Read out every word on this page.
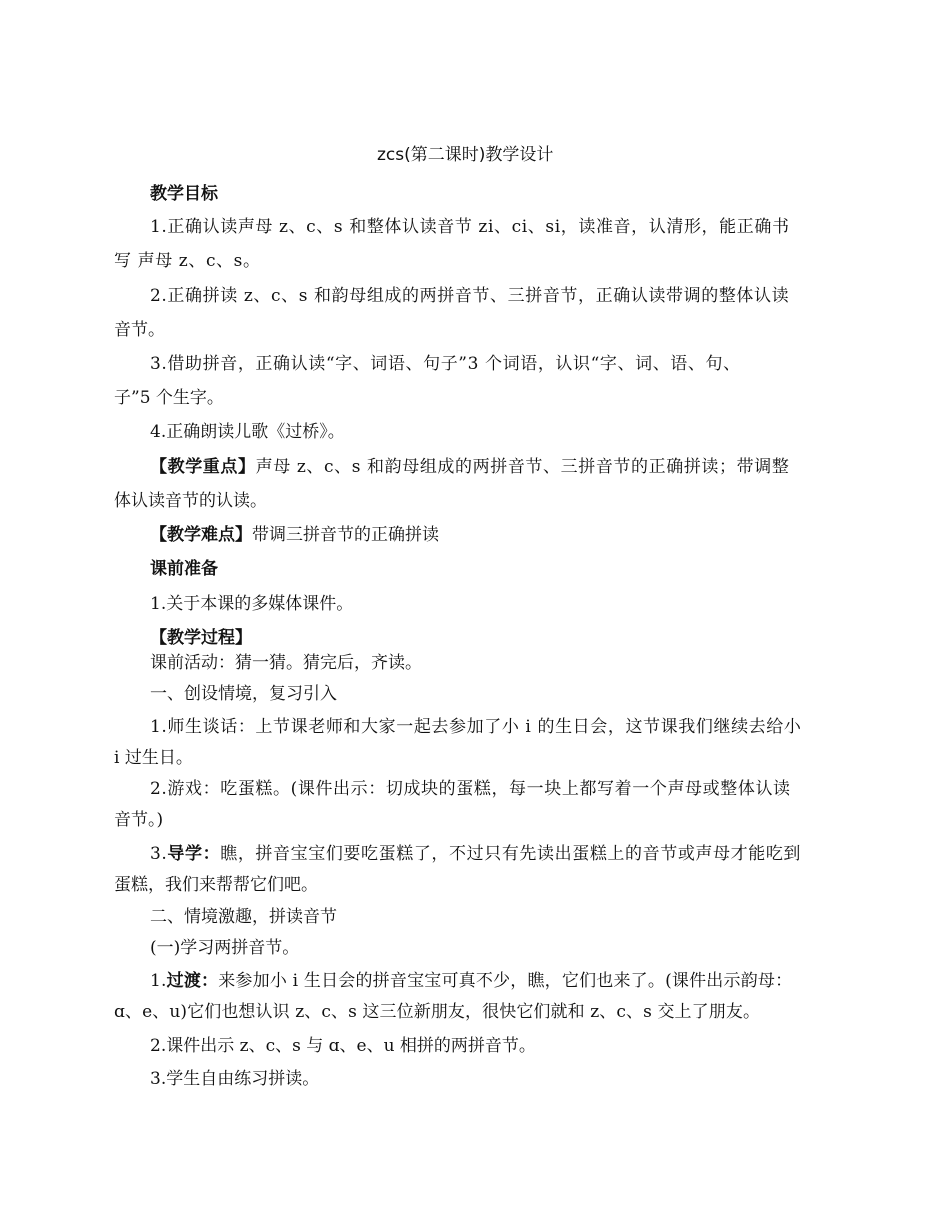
zcs(第二课时)教学设计
教学目标
1.正确认读声母 z、c、s 和整体认读音节 zi、ci、si，读准音，认清形，能正确书
写 声母 z、c、s。
2.正确拼读 z、c、s 和韵母组成的两拼音节、三拼音节，正确认读带调的整体认读
音节。
3.借助拼音，正确认读“字、词语、句子”3 个词语，认识“字、词、语、句、
子”5 个生字。
4.正确朗读儿歌《过桥》。
【教学重点】声母 z、c、s 和韵母组成的两拼音节、三拼音节的正确拼读；带调整
体认读音节的认读。
【教学难点】带调三拼音节的正确拼读
课前准备
1.关于本课的多媒体课件。
【教学过程】
课前活动：猜一猜。猜完后，齐读。
一、创设情境，复习引入
1.师生谈话：上节课老师和大家一起去参加了小 i 的生日会，这节课我们继续去给小
i 过生日。
2.游戏：吃蛋糕。(课件出示：切成块的蛋糕，每一块上都写着一个声母或整体认读
音节。)
3.导学：瞧，拼音宝宝们要吃蛋糕了，不过只有先读出蛋糕上的音节或声母才能吃到
蛋糕，我们来帮帮它们吧。
二、情境激趣，拼读音节
(一)学习两拼音节。
1.过渡：来参加小 i 生日会的拼音宝宝可真不少，瞧，它们也来了。(课件出示韵母：
ɑ、e、u)它们也想认识 z、c、s 这三位新朋友，很快它们就和 z、c、s 交上了朋友。
2.课件出示 z、c、s 与 ɑ、e、u 相拼的两拼音节。
3.学生自由练习拼读。
